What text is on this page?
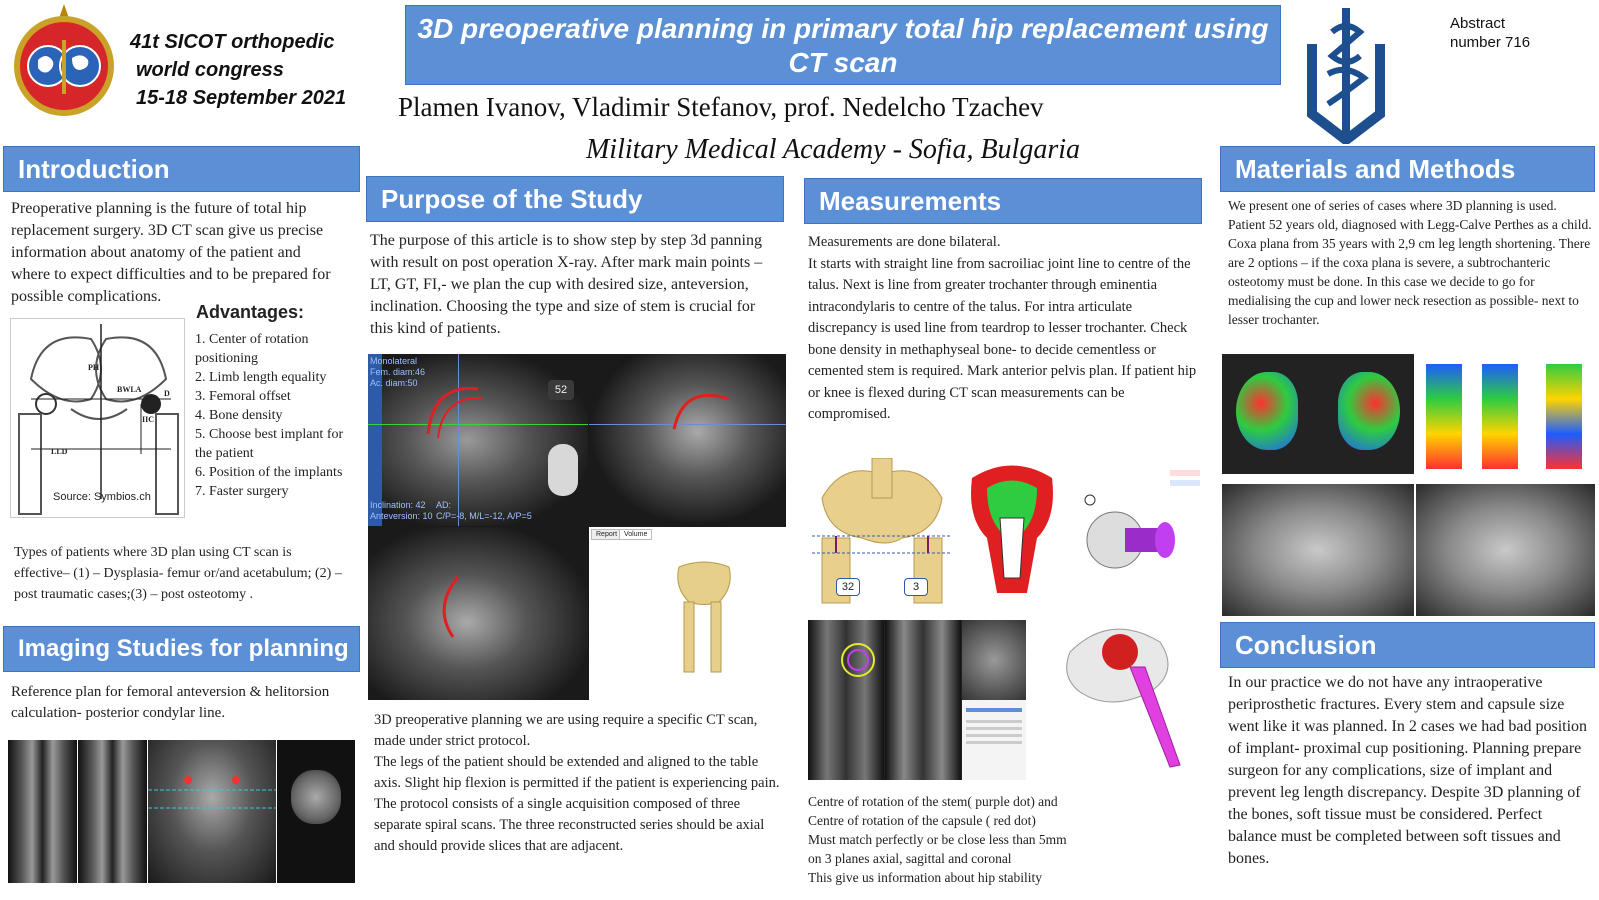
41t SICOT orthopedic
world congress
15-18 September 2021
3D preoperative planning in primary total hip replacement using CT scan
Plamen Ivanov, Vladimir Stefanov, prof. Nedelcho Tzachev
Military Medical Academy - Sofia, Bulgaria
Abstract
number 716
Introduction
Preoperative planning is the future of total hip replacement surgery. 3D CT scan give us precise information about anatomy of the patient and where to expect difficulties and to be prepared for possible complications.
PH
BWLA
IIC
LLD
D
Source: Symbios.ch
Advantages:
1. Center of rotation positioning
2. Limb length equality
3. Femoral offset
4. Bone density
5. Choose best implant for the patient
6. Position of the implants
7. Faster surgery
Types of patients where 3D plan using CT scan is effective– (1) – Dysplasia- femur or/and acetabulum; (2) – post traumatic cases;(3) – post osteotomy .
Imaging Studies for planning
Reference plan for femoral anteversion & helitorsion calculation- posterior condylar line.
Purpose of the Study
The purpose of this article is to show step by step 3d panning with result on post operation X-ray. After mark main points – LT, GT, FI,- we plan the cup with desired size, anteversion, inclination. Choosing the type and size of stem is crucial for this kind of patients.
Monolateral
Fem. diam:46
Ac. diam:50
52
Inclination: 42
Anteversion: 10
AD:
C/P=-8, M/L=-12, A/P=5
Report Volume
3D preoperative planning we are using require a specific CT scan, made under strict protocol.
The legs of the patient should be extended and aligned to the table axis. Slight hip flexion is permitted if the patient is experiencing pain.
The protocol consists of a single acquisition composed of three separate spiral scans. The three reconstructed series should be axial and should provide slices that are adjacent.
Measurements
Measurements are done bilateral.
It starts with straight line from sacroiliac joint line to centre of the talus. Next is line from greater trochanter through eminentia intracondylaris to centre of the talus. For intra articulate discrepancy is used line from teardrop to lesser trochanter. Check bone density in methaphyseal bone- to decide cementless or cemented stem is required. Mark anterior pelvis plan. If patient hip or knee is flexed during CT scan measurements can be compromised.
32	3
Centre of rotation of the stem( purple dot) and
Centre of rotation of the capsule ( red dot)
Must match perfectly or be close less than 5mm
on 3 planes axial, sagittal and coronal
This give us information about hip stability
Materials and Methods
We present one of series of cases where 3D planning is used. Patient 52 years old, diagnosed with Legg-Calve Perthes as a child. Coxa plana from 35 years with 2,9 cm leg length shortening. There are 2 options – if the coxa plana is severe, a subtrochanteric osteotomy must be done. In this case we decide to go for medialising the cup and lower neck resection as possible- next to lesser trochanter.
Conclusion
In our practice we do not have any intraoperative periprosthetic fractures. Every stem and capsule size went like it was planned. In 2 cases we had bad position of implant- proximal cup positioning. Planning prepare surgeon for any complications, size of implant and prevent leg length discrepancy. Despite 3D planning of the bones, soft tissue must be considered. Perfect balance must be completed between soft tissues and bones.
